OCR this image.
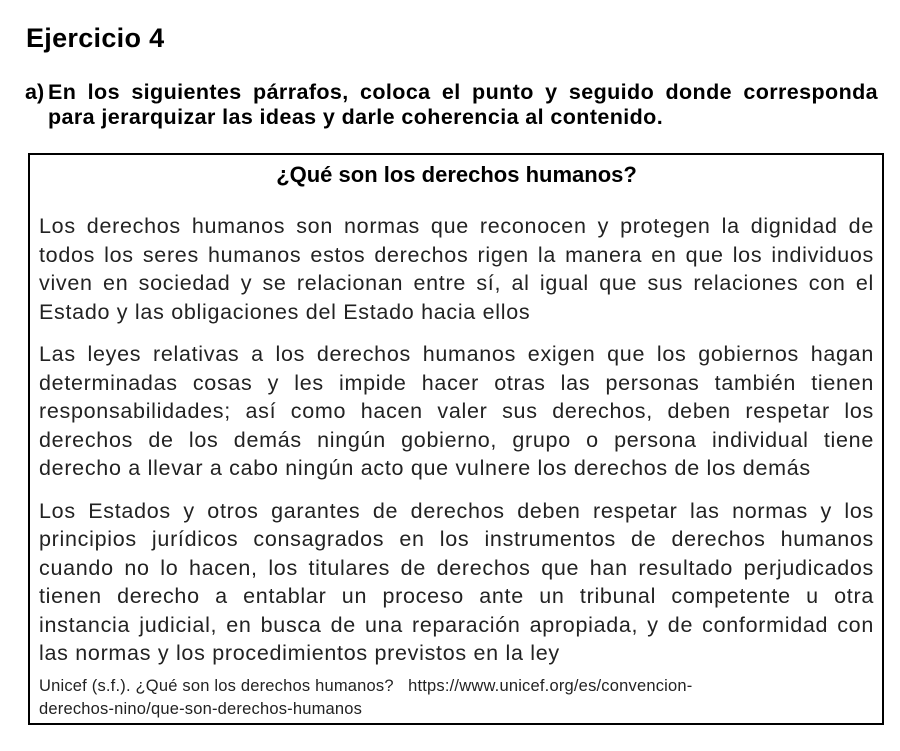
Ejercicio 4
a) En los siguientes párrafos, coloca el punto y seguido donde corresponda para jerarquizar las ideas y darle coherencia al contenido.

¿Qué son los derechos humanos?

Los derechos humanos son normas que reconocen y protegen la dignidad de todos los seres humanos estos derechos rigen la manera en que los individuos viven en sociedad y se relacionan entre sí, al igual que sus relaciones con el Estado y las obligaciones del Estado hacia ellos

Las leyes relativas a los derechos humanos exigen que los gobiernos hagan determinadas cosas y les impide hacer otras las personas también tienen responsabilidades; así como hacen valer sus derechos, deben respetar los derechos de los demás ningún gobierno, grupo o persona individual tiene derecho a llevar a cabo ningún acto que vulnere los derechos de los demás

Los Estados y otros garantes de derechos deben respetar las normas y los principios jurídicos consagrados en los instrumentos de derechos humanos cuando no lo hacen, los titulares de derechos que han resultado perjudicados tienen derecho a entablar un proceso ante un tribunal competente u otra instancia judicial, en busca de una reparación apropiada, y de conformidad con las normas y los procedimientos previstos en la ley

Unicef (s.f.). ¿Qué son los derechos humanos?   https://www.unicef.org/es/convencion-
derechos-nino/que-son-derechos-humanos
